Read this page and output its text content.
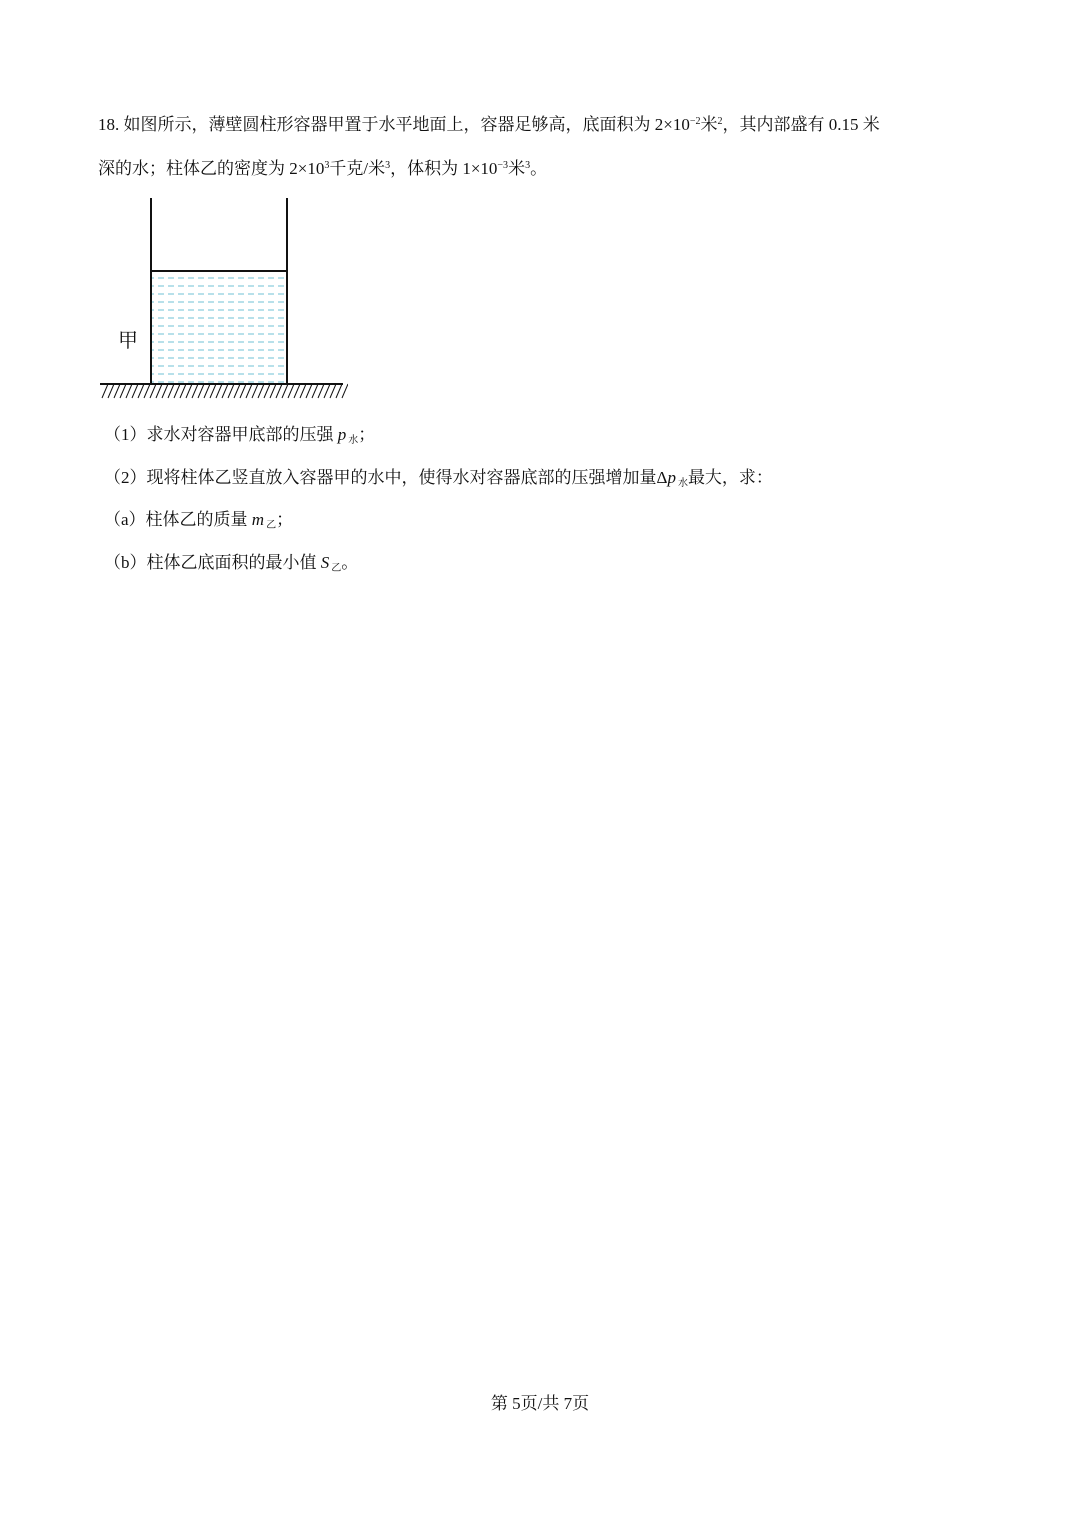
18. 如图所示，薄壁圆柱形容器甲置于水平地面上，容器足够高，底面积为 $2\times 10^{-2}$米$^2$，其内部盛有 0.15 米
深的水；柱体乙的密度为 $2\times 10^3$千克/米$^3$，体积为 $1\times 10^{-3}$米$^3$。
甲
（1）求水对容器甲底部的压强 p 水；
（2）现将柱体乙竖直放入容器甲的水中，使得水对容器底部的压强增加量Δp 水最大，求：
（a）柱体乙的质量 m 乙；
（b）柱体乙底面积的最小值 S 乙。
第 5页/共 7页
